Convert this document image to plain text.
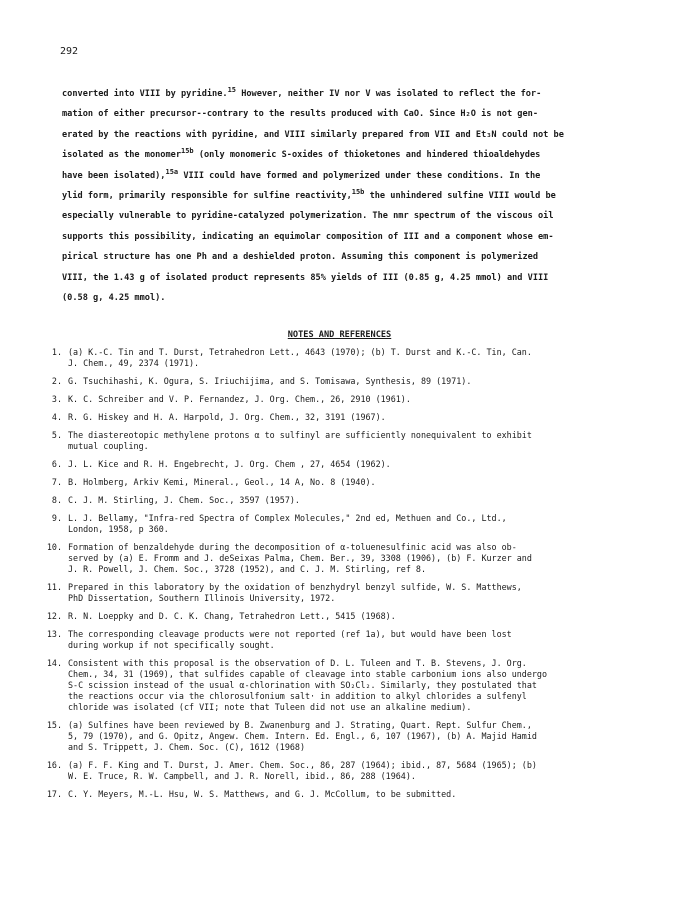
292
converted into VIII by pyridine.$^{15}$ However, neither IV nor V was isolated to reflect the for-
mation of either precursor--contrary to the results produced with CaO. Since H₂O is not gen-
erated by the reactions with pyridine, and VIII similarly prepared from VII and Et₃N could not be
isolated as the monomer$^{15b}$ (only monomeric S-oxides of thioketones and hindered thioaldehydes
have been isolated),$^{15a}$ VIII could have formed and polymerized under these conditions. In the
ylid form, primarily responsible for sulfine reactivity,$^{15b}$ the unhindered sulfine VIII would be
especially vulnerable to pyridine-catalyzed polymerization. The nmr spectrum of the viscous oil
supports this possibility, indicating an equimolar composition of III and a component whose em-
pirical structure has one Ph and a deshielded proton. Assuming this component is polymerized
VIII, the 1.43 g of isolated product represents 85% yields of III (0.85 g, 4.25 mmol) and VIII
(0.58 g, 4.25 mmol).
NOTES AND REFERENCES
1. (a) K.-C. Tin and T. Durst, Tetrahedron Lett., 4643 (1970); (b) T. Durst and K.-C. Tin, Can.
J. Chem., 49, 2374 (1971).
2. G. Tsuchihashi, K. Ogura, S. Iriuchijima, and S. Tomisawa, Synthesis, 89 (1971).
3. K. C. Schreiber and V. P. Fernandez, J. Org. Chem., 26, 2910 (1961).
4. R. G. Hiskey and H. A. Harpold, J. Org. Chem., 32, 3191 (1967).
5. The diastereotopic methylene protons α to sulfinyl are sufficiently nonequivalent to exhibit
mutual coupling.
6. J. L. Kice and R. H. Engebrecht, J. Org. Chem , 27, 4654 (1962).
7. B. Holmberg, Arkiv Kemi, Mineral., Geol., 14 A, No. 8 (1940).
8. C. J. M. Stirling, J. Chem. Soc., 3597 (1957).
9. L. J. Bellamy, "Infra-red Spectra of Complex Molecules," 2nd ed, Methuen and Co., Ltd.,
London, 1958, p 360.
10. Formation of benzaldehyde during the decomposition of α-toluenesulfinic acid was also ob-
served by (a) E. Fromm and J. deSeixas Palma, Chem. Ber., 39, 3308 (1906), (b) F. Kurzer and
J. R. Powell, J. Chem. Soc., 3728 (1952), and C. J. M. Stirling, ref 8.
11. Prepared in this laboratory by the oxidation of benzhydryl benzyl sulfide, W. S. Matthews,
PhD Dissertation, Southern Illinois University, 1972.
12. R. N. Loeppky and D. C. K. Chang, Tetrahedron Lett., 5415 (1968).
13. The corresponding cleavage products were not reported (ref 1a), but would have been lost
during workup if not specifically sought.
14. Consistent with this proposal is the observation of D. L. Tuleen and T. B. Stevens, J. Org.
Chem., 34, 31 (1969), that sulfides capable of cleavage into stable carbonium ions also undergo
S-C scission instead of the usual α-chlorination with SO₂Cl₂. Similarly, they postulated that
the reactions occur via the chlorosulfonium salt· in addition to alkyl chlorides a sulfenyl
chloride was isolated (cf VII; note that Tuleen did not use an alkaline medium).
15. (a) Sulfines have been reviewed by B. Zwanenburg and J. Strating, Quart. Rept. Sulfur Chem.,
5, 79 (1970), and G. Opitz, Angew. Chem. Intern. Ed. Engl., 6, 107 (1967), (b) A. Majid Hamid
and S. Trippett, J. Chem. Soc. (C), 1612 (1968)
16. (a) F. F. King and T. Durst, J. Amer. Chem. Soc., 86, 287 (1964); ibid., 87, 5684 (1965); (b)
W. E. Truce, R. W. Campbell, and J. R. Norell, ibid., 86, 288 (1964).
17. C. Y. Meyers, M.-L. Hsu, W. S. Matthews, and G. J. McCollum, to be submitted.
